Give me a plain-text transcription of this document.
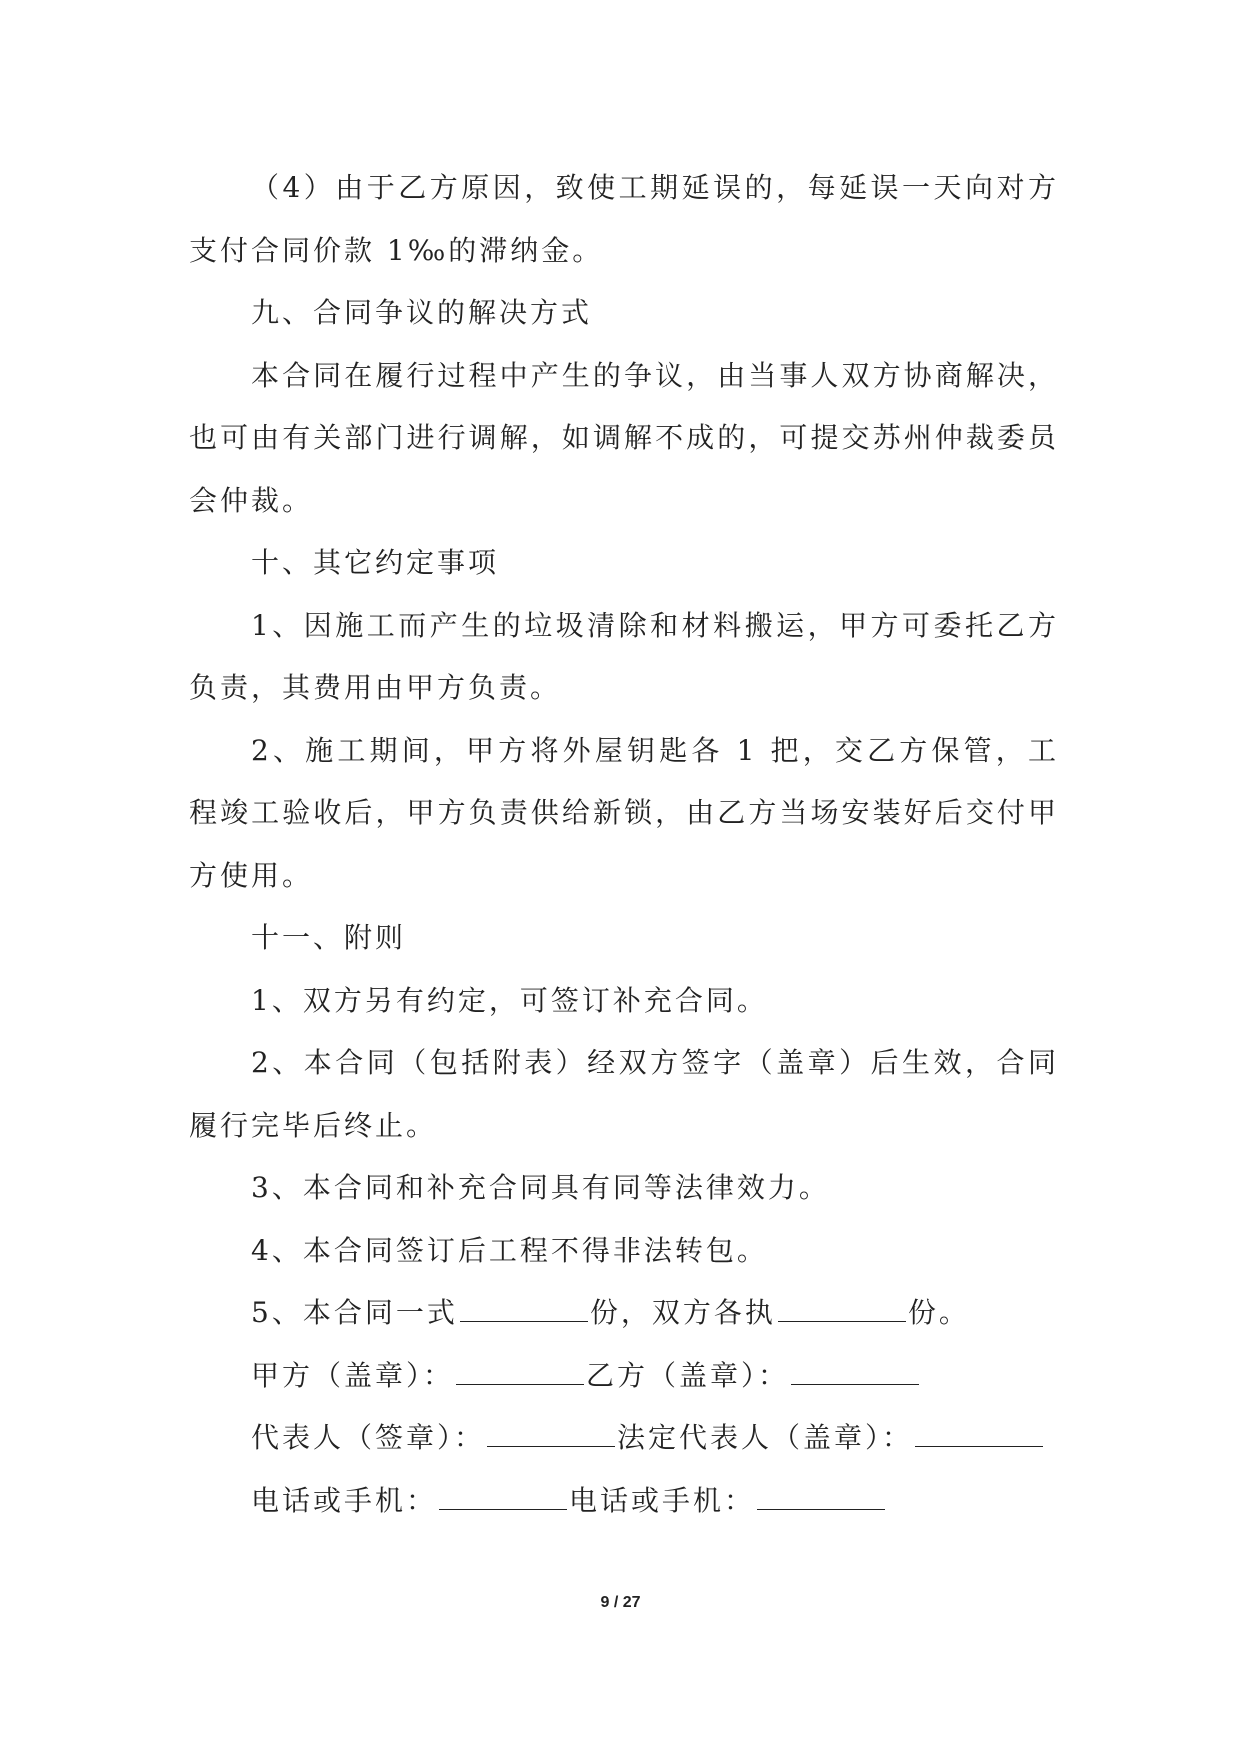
（4）由于乙方原因，致使工期延误的，每延误一天向对方支付合同价款 1‰的滞纳金。

九、合同争议的解决方式

本合同在履行过程中产生的争议，由当事人双方协商解决，也可由有关部门进行调解，如调解不成的，可提交苏州仲裁委员会仲裁。

十、其它约定事项

1、因施工而产生的垃圾清除和材料搬运，甲方可委托乙方负责，其费用由甲方负责。

2、施工期间，甲方将外屋钥匙各 1 把，交乙方保管，工程竣工验收后，甲方负责供给新锁，由乙方当场安装好后交付甲方使用。

十一、附则

1、双方另有约定，可签订补充合同。

2、本合同（包括附表）经双方签字（盖章）后生效，合同履行完毕后终止。

3、本合同和补充合同具有同等法律效力。

4、本合同签订后工程不得非法转包。

5、本合同一式	份，双方各执	份。

甲方（盖章）：	乙方（盖章）：

代表人（签章）：	法定代表人（盖章）：

电话或手机：	电话或手机：

9 / 27
